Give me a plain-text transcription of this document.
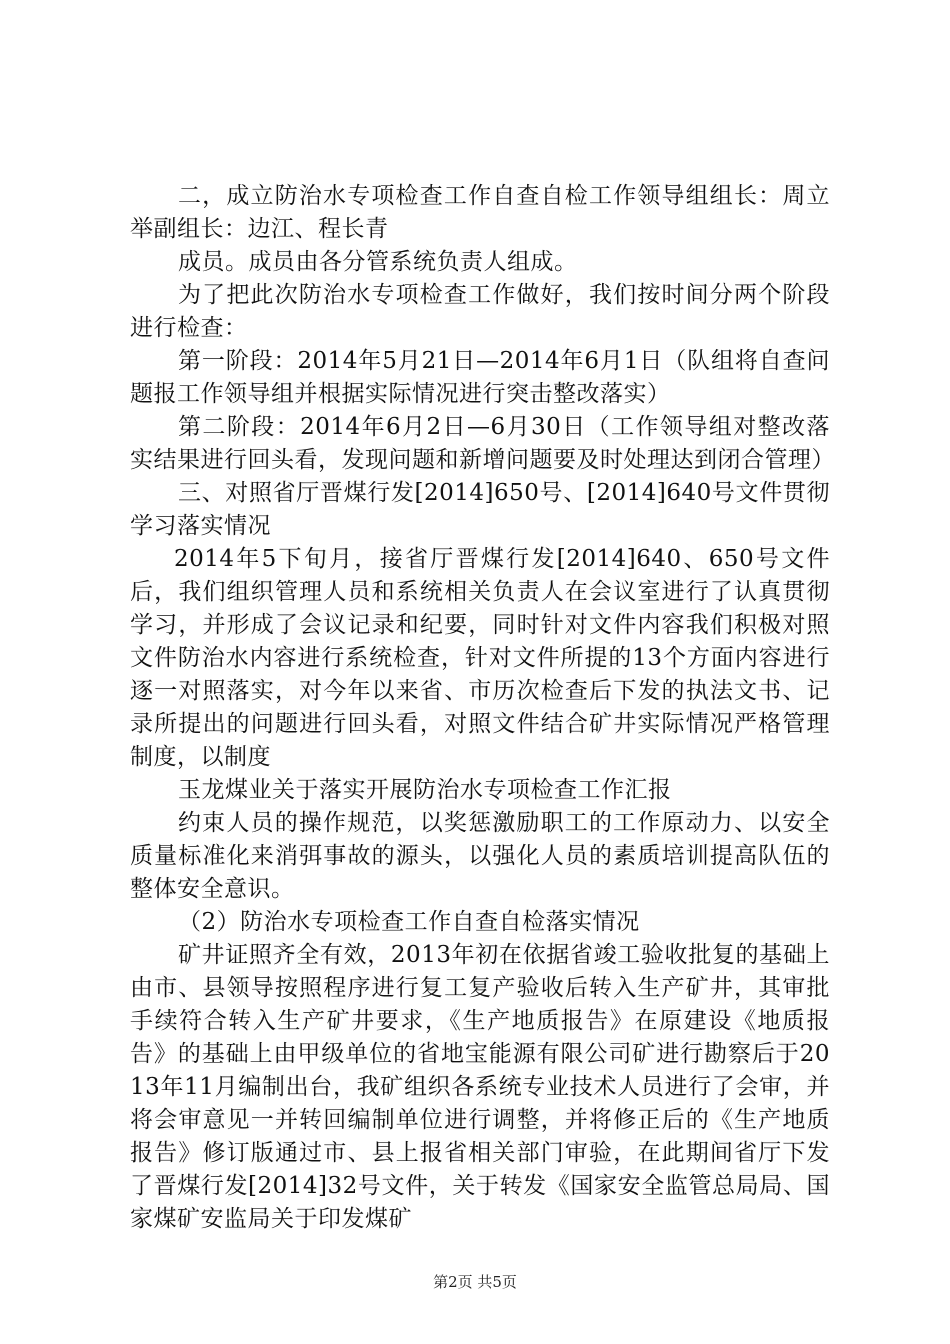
二，成立防治水专项检查工作自查自检工作领导组组长：周立举副组长：边江、程长青

成员。成员由各分管系统负责人组成。

为了把此次防治水专项检查工作做好，我们按时间分两个阶段进行检查：

第一阶段：2014年5月21日—2014年6月1日（队组将自查问题报工作领导组并根据实际情况进行突击整改落实）

第二阶段：2014年6月2日—6月30日（工作领导组对整改落实结果进行回头看，发现问题和新增问题要及时处理达到闭合管理）

三、对照省厅晋煤行发[2014]650号、[2014]640号文件贯彻学习落实情况

2014年5下旬月，接省厅晋煤行发[2014]640、650号文件后，我们组织管理人员和系统相关负责人在会议室进行了认真贯彻学习，并形成了会议记录和纪要，同时针对文件内容我们积极对照文件防治水内容进行系统检查，针对文件所提的13个方面内容进行逐一对照落实，对今年以来省、市历次检查后下发的执法文书、记录所提出的问题进行回头看，对照文件结合矿井实际情况严格管理制度，以制度

玉龙煤业关于落实开展防治水专项检查工作汇报

约束人员的操作规范，以奖惩激励职工的工作原动力、以安全质量标准化来消弭事故的源头，以强化人员的素质培训提高队伍的整体安全意识。

（2）防治水专项检查工作自查自检落实情况

矿井证照齐全有效，2013年初在依据省竣工验收批复的基础上由市、县领导按照程序进行复工复产验收后转入生产矿井，其审批手续符合转入生产矿井要求，《生产地质报告》在原建设《地质报告》的基础上由甲级单位的省地宝能源有限公司矿进行勘察后于2013年11月编制出台，我矿组织各系统专业技术人员进行了会审，并将会审意见一并转回编制单位进行调整，并将修正后的《生产地质报告》修订版通过市、县上报省相关部门审验，在此期间省厅下发了晋煤行发[2014]32号文件，关于转发《国家安全监管总局局、国家煤矿安监局关于印发煤矿

第2页 共5页
